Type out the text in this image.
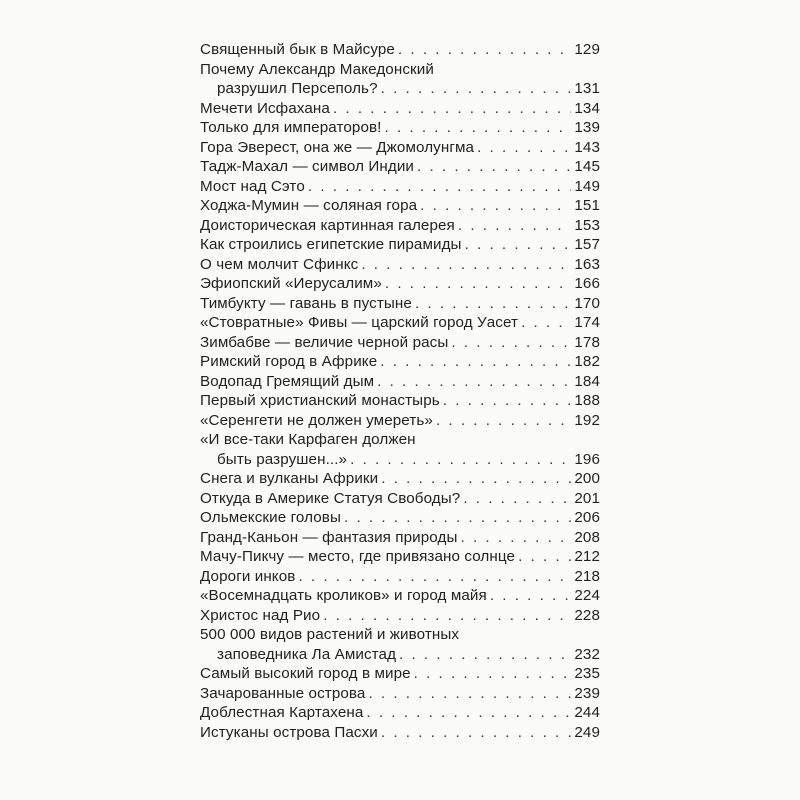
Священный бык в Майсуре . . .	129
Почему Александр Македонский
разрушил Персеполь? . . .	131
Мечети Исфахана . . .	134
Только для императоров! . . .	139
Гора Эверест, она же — Джомолунгма . . .	143
Тадж-Махал — символ Индии . . .	145
Мост над Сэто . . .	149
Ходжа-Мумин — соляная гора . . .	151
Доисторическая картинная галерея . . .	153
Как строились египетские пирамиды . . .	157
О чем молчит Сфинкс . . .	163
Эфиопский «Иерусалим» . . .	166
Тимбукту — гавань в пустыне . . .	170
«Стовратные» Фивы — царский город Уасет . . .	174
Зимбабве — величие черной расы . . .	178
Римский город в Африке . . .	182
Водопад Гремящий дым . . .	184
Первый христианский монастырь . . .	188
«Серенгети не должен умереть» . . .	192
«И все-таки Карфаген должен
быть разрушен...» . . .	196
Снега и вулканы Африки . . .	200
Откуда в Америке Статуя Свободы? . . .	201
Ольмекские головы . . .	206
Гранд-Каньон — фантазия природы . . .	208
Мачу-Пикчу — место, где привязано солнце . . .	212
Дороги инков . . .	218
«Восемнадцать кроликов» и город майя . . .	224
Христос над Рио . . .	228
500 000 видов растений и животных
заповедника Ла Амистад . . .	232
Самый высокий город в мире . . .	235
Зачарованные острова . . .	239
Доблестная Картахена . . .	244
Истуканы острова Пасхи . . .	249
